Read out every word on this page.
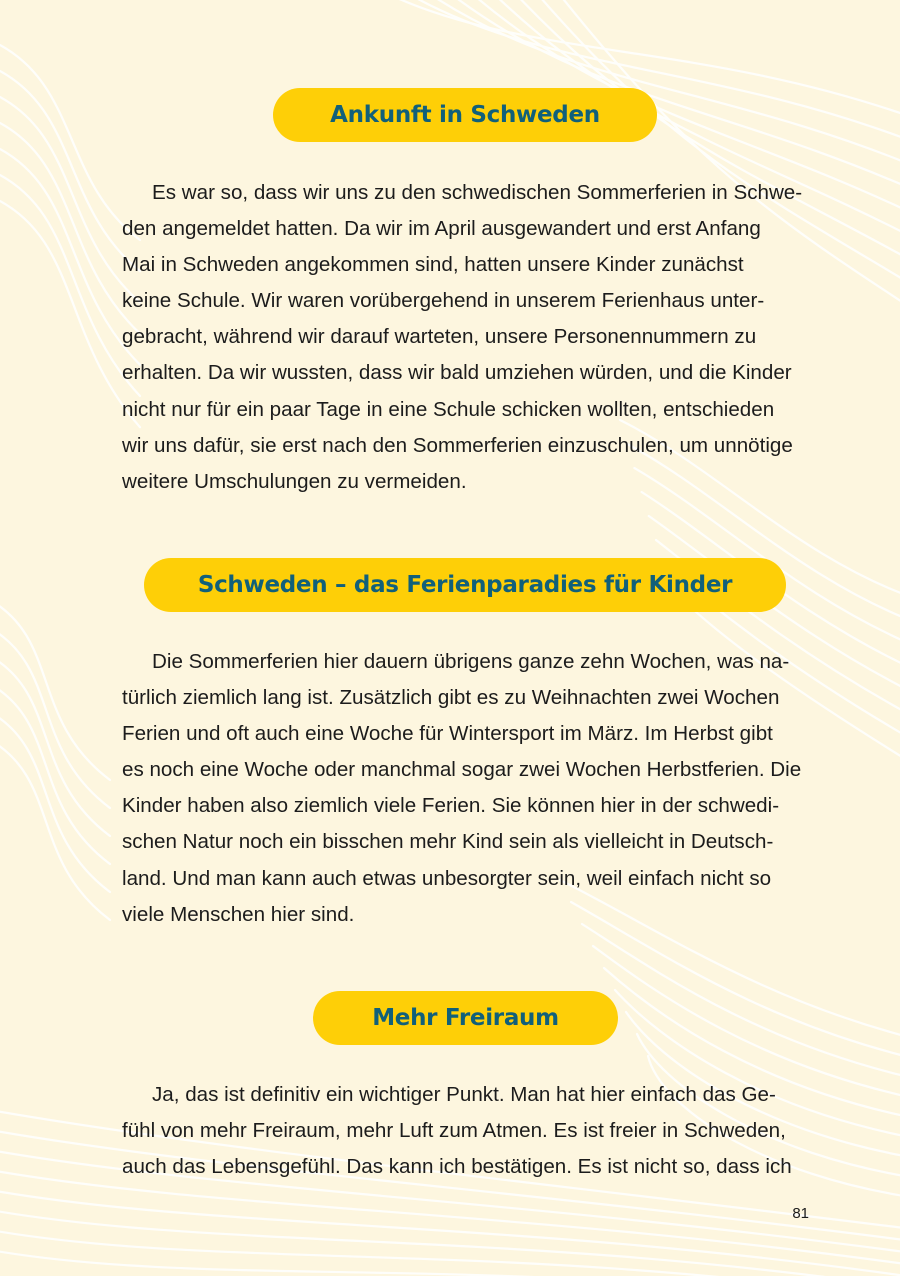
Ankunft in Schweden
Es war so, dass wir uns zu den schwedischen Sommerferien in Schwe-
den angemeldet hatten. Da wir im April ausgewandert und erst Anfang
Mai in Schweden angekommen sind, hatten unsere Kinder zunächst
keine Schule. Wir waren vorübergehend in unserem Ferienhaus unter-
gebracht, während wir darauf warteten, unsere Personennummern zu
erhalten. Da wir wussten, dass wir bald umziehen würden, und die Kinder
nicht nur für ein paar Tage in eine Schule schicken wollten, entschieden
wir uns dafür, sie erst nach den Sommerferien einzuschulen, um unnötige
weitere Umschulungen zu vermeiden.
Schweden – das Ferienparadies für Kinder
Die Sommerferien hier dauern übrigens ganze zehn Wochen, was na-
türlich ziemlich lang ist. Zusätzlich gibt es zu Weihnachten zwei Wochen
Ferien und oft auch eine Woche für Wintersport im März. Im Herbst gibt
es noch eine Woche oder manchmal sogar zwei Wochen Herbstferien. Die
Kinder haben also ziemlich viele Ferien. Sie können hier in der schwedi-
schen Natur noch ein bisschen mehr Kind sein als vielleicht in Deutsch-
land. Und man kann auch etwas unbesorgter sein, weil einfach nicht so
viele Menschen hier sind.
Mehr Freiraum
Ja, das ist definitiv ein wichtiger Punkt. Man hat hier einfach das Ge-
fühl von mehr Freiraum, mehr Luft zum Atmen. Es ist freier in Schweden,
auch das Lebensgefühl. Das kann ich bestätigen. Es ist nicht so, dass ich
81
